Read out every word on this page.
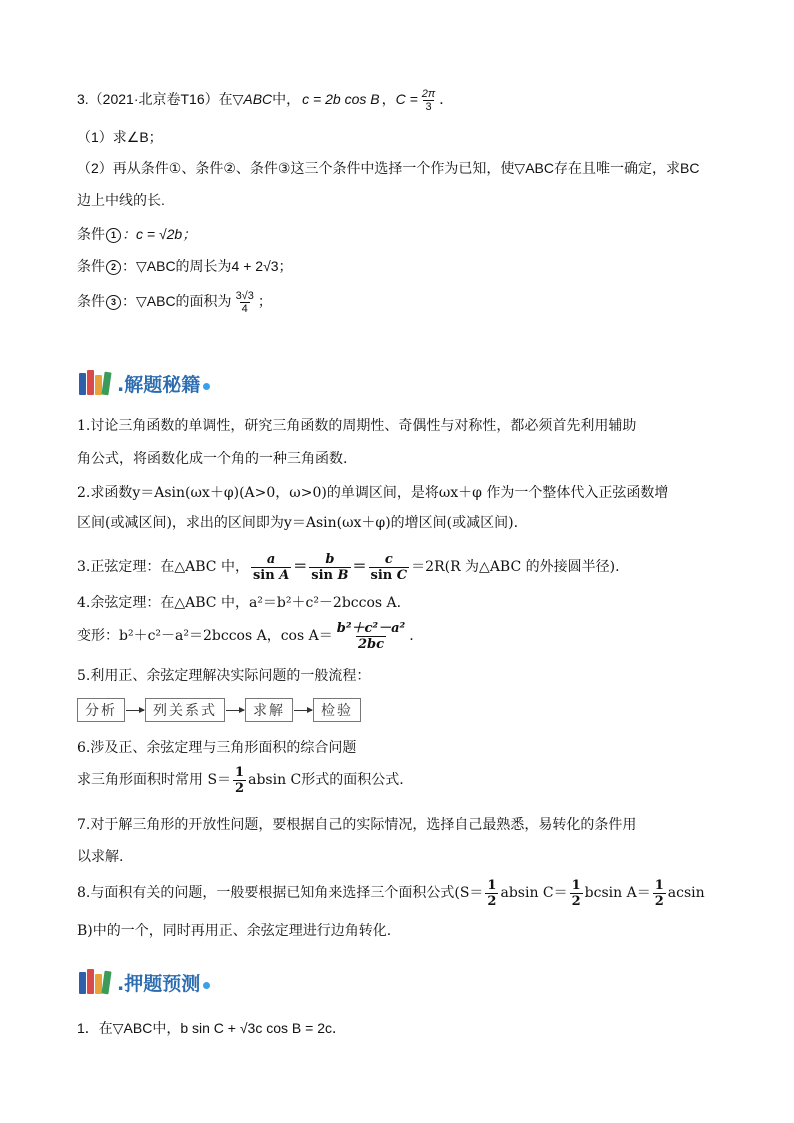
3.（2021·北京卷T16）在▽ABC中， c = 2b cos B ，$C = \frac{2\pi}{3}$ ．
（1）求∠B；
（2）再从条件①、条件②、条件③这三个条件中选择一个作为已知，使▽ABC存在且唯一确定，求BC
边上中线的长.
条件 1 ：c = √2b；
条件 2 ：▽ABC的周长为4 + 2√3；
条件 3 ：▽ABC的面积为 $\frac{3√3}{4}$ ；
.解题秘籍
1.讨论三角函数的单调性，研究三角函数的周期性、奇偶性与对称性，都必须首先利用辅助
角公式，将函数化成一个角的一种三角函数.
2.求函数y＝Asin(ωx＋φ)(A>0，ω>0)的单调区间，是将ωx＋φ 作为一个整体代入正弦函数增
区间(或减区间)，求出的区间即为y＝Asin(ωx＋φ)的增区间(或减区间).
3.正弦定理：在△ABC 中， $\frac{a}{\text{sin A}} = \frac{b}{\text{sin B}} = \frac{c}{\text{sin C}} =2R(R$ 为△ABC 的外接圆半径).
4.余弦定理：在△ABC 中，a²＝b²＋c²－2bccos A.
变形：b²＋c²－a²＝2bccos A，$\cos A= \frac{\text{b²＋c²－a²}}{2bc}$ .
5.利用正、余弦定理解决实际问题的一般流程：
分析	列关系式	求解	检验
6.涉及正、余弦定理与三角形面积的综合问题
求三角形面积时常用 $S= \frac{1}{2}$ absin C形式的面积公式.
7.对于解三角形的开放性问题，要根据自己的实际情况，选择自己最熟悉，易转化的条件用
以求解.
8.与面积有关的问题，一般要根据已知角来选择三个面积公式($S= \frac{1}{2}$ absin $C= \frac{1}{2}$ bcsin $A= \frac{1}{2}$ acsin
B)中的一个，同时再用正、余弦定理进行边角转化.
.押题预测
1．在▽ABC中，b sin C + √3c cos B = 2c．
